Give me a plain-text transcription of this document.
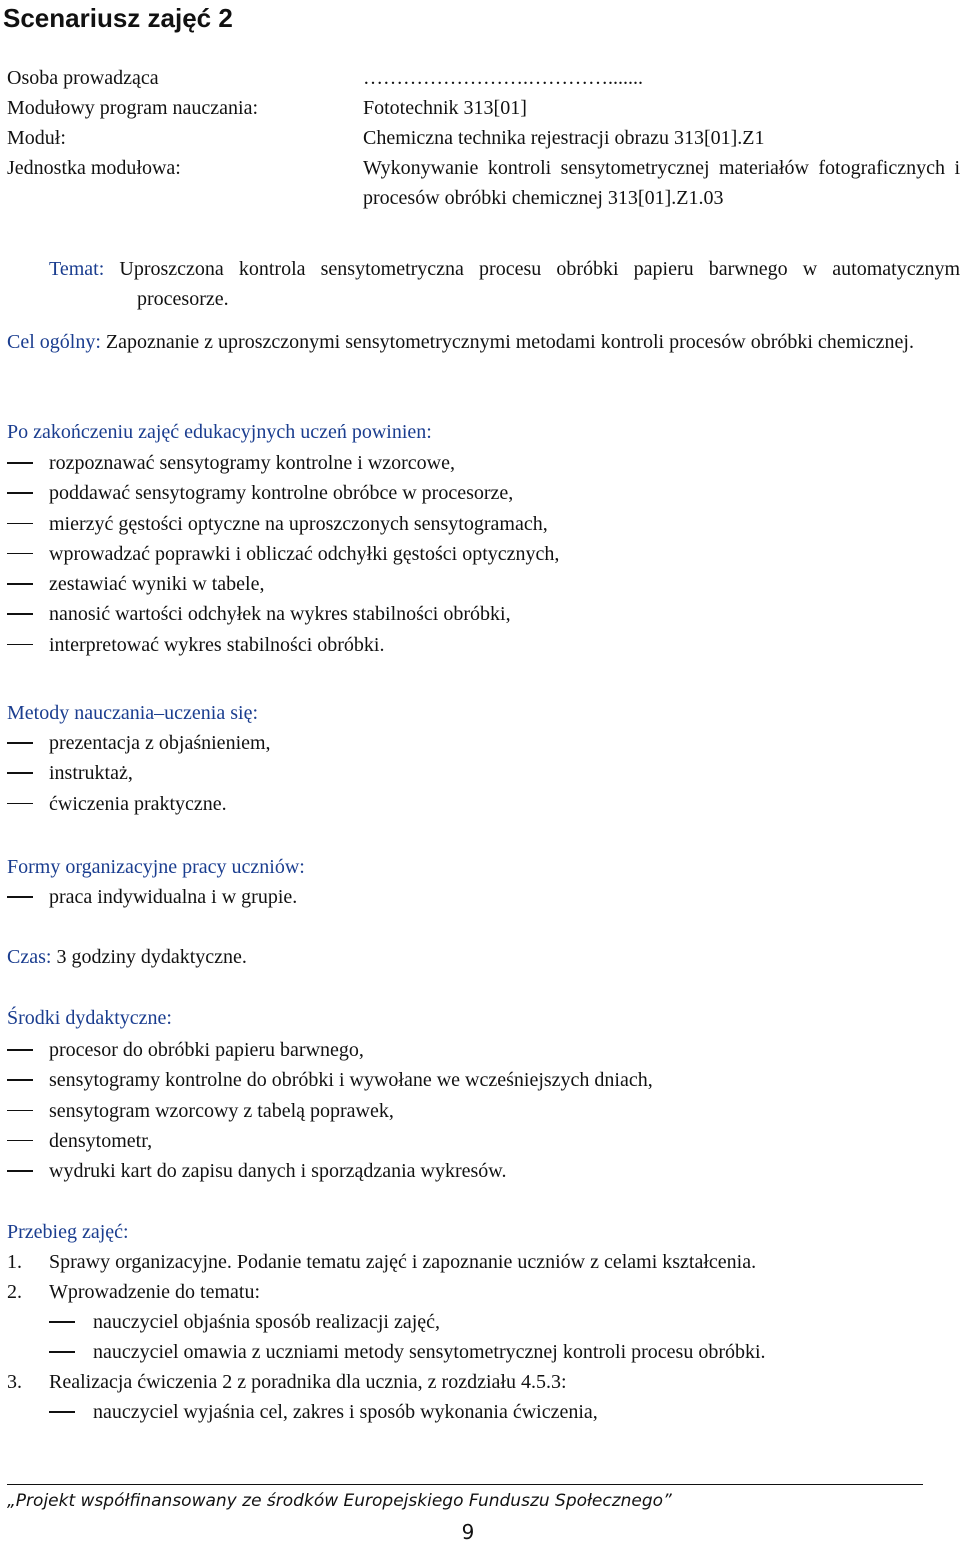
Scenariusz zajęć 2
Osoba prowadząca	…………………….………….......
Modułowy program nauczania:	Fototechnik 313[01]
Moduł:	Chemiczna technika rejestracji obrazu 313[01].Z1
Jednostka modułowa:	Wykonywanie kontroli sensytometrycznej materiałów fotograficznych i procesów obróbki chemicznej 313[01].Z1.03
Temat: Uproszczona kontrola sensytometryczna procesu obróbki papieru barwnego w automatycznym procesorze.
Cel ogólny: Zapoznanie z uproszczonymi sensytometrycznymi metodami kontroli procesów obróbki chemicznej.
Po zakończeniu zajęć edukacyjnych uczeń powinien:
rozpoznawać sensytogramy kontrolne i wzorcowe,
poddawać sensytogramy kontrolne obróbce w procesorze,
mierzyć gęstości optyczne na uproszczonych sensytogramach,
wprowadzać poprawki i obliczać odchyłki gęstości optycznych,
zestawiać wyniki w tabele,
nanosić wartości odchyłek na wykres stabilności obróbki,
interpretować wykres stabilności obróbki.
Metody nauczania–uczenia się:
prezentacja z objaśnieniem,
instruktaż,
ćwiczenia praktyczne.
Formy organizacyjne pracy uczniów:
praca indywidualna i w grupie.
Czas: 3 godziny dydaktyczne.
Środki dydaktyczne:
procesor do obróbki papieru barwnego,
sensytogramy kontrolne do obróbki i wywołane we wcześniejszych dniach,
sensytogram wzorcowy z tabelą poprawek,
densytometr,
wydruki kart do zapisu danych i sporządzania wykresów.
Przebieg zajęć:
1. Sprawy organizacyjne. Podanie tematu zajęć i zapoznanie uczniów z celami kształcenia.
2. Wprowadzenie do tematu:
nauczyciel objaśnia sposób realizacji zajęć,
nauczyciel omawia z uczniami metody sensytometrycznej kontroli procesu obróbki.
3. Realizacja ćwiczenia 2 z poradnika dla ucznia, z rozdziału 4.5.3:
nauczyciel wyjaśnia cel, zakres i sposób wykonania ćwiczenia,
„Projekt współfinansowany ze środków Europejskiego Funduszu Społecznego”
9
